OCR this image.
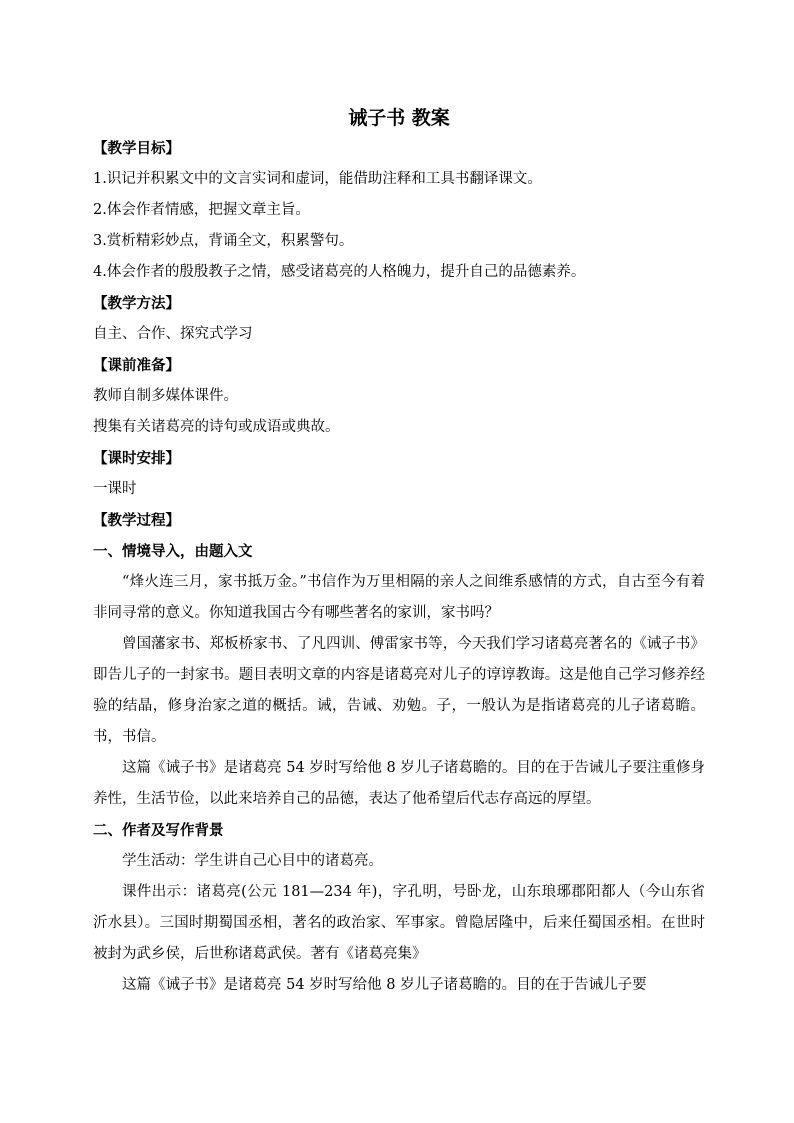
诫子书 教案

【教学目标】

1.识记并积累文中的文言实词和虚词，能借助注释和工具书翻译课文。

2.体会作者情感，把握文章主旨。

3.赏析精彩妙点，背诵全文，积累警句。

4.体会作者的殷殷教子之情，感受诸葛亮的人格魄力，提升自己的品德素养。

【教学方法】

自主、合作、探究式学习

【课前准备】

教师自制多媒体课件。

搜集有关诸葛亮的诗句或成语或典故。

【课时安排】

一课时

【教学过程】

一、情境导入，由题入文

“烽火连三月，家书抵万金。”书信作为万里相隔的亲人之间维系感情的方式，自古至今有着非同寻常的意义。你知道我国古今有哪些著名的家训，家书吗？

曾国藩家书、郑板桥家书、了凡四训、傅雷家书等，今天我们学习诸葛亮著名的《诫子书》 即告儿子的一封家书。题目表明文章的内容是诸葛亮对儿子的谆谆教诲。这是他自己学习修养经验的结晶，修身治家之道的概括。诫，告诫、劝勉。子，一般认为是指诸葛亮的儿子诸葛瞻。书，书信。

这篇《诫子书》是诸葛亮 54 岁时写给他 8 岁儿子诸葛瞻的。目的在于告诫儿子要注重修身养性，生活节俭，以此来培养自己的品德，表达了他希望后代志存高远的厚望。

二、作者及写作背景

学生活动：学生讲自己心目中的诸葛亮。

课件出示：诸葛亮(公元 181—234 年)，字孔明，号卧龙，山东琅琊郡阳都人（今山东省沂水县）。三国时期蜀国丞相，著名的政治家、军事家。曾隐居隆中，后来任蜀国丞相。在世时被封为武乡侯，后世称诸葛武侯。著有《诸葛亮集》

这篇《诫子书》是诸葛亮 54 岁时写给他 8 岁儿子诸葛瞻的。目的在于告诫儿子要
